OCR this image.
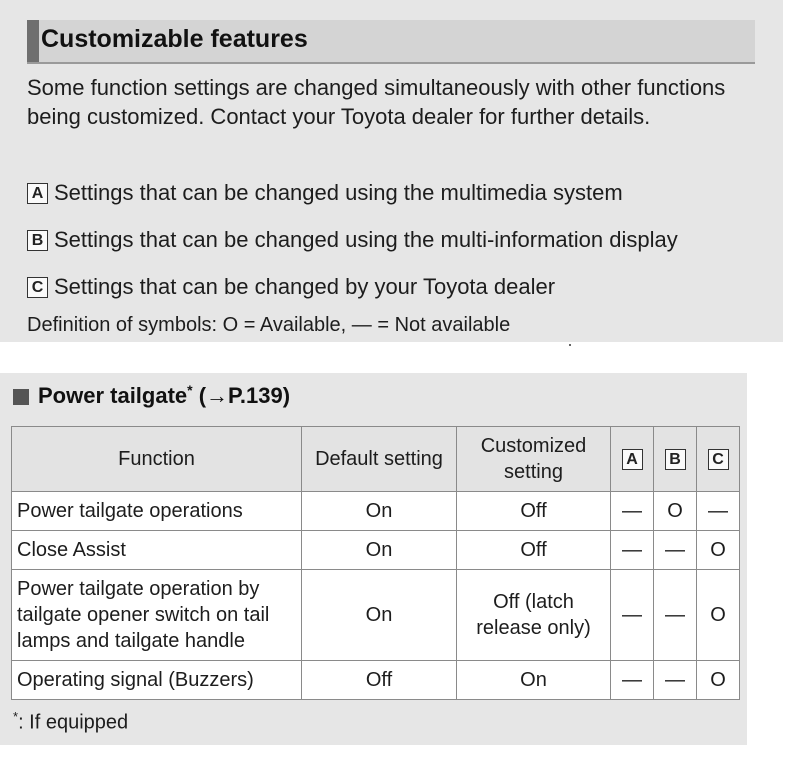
Customizable features
Some function settings are changed simultaneously with other functions being customized. Contact your Toyota dealer for further details.
A Settings that can be changed using the multimedia system
B Settings that can be changed using the multi-information display
C Settings that can be changed by your Toyota dealer
Definition of symbols: O = Available, — = Not available
Power tailgate*
(→P.139)
Function	Default setting	Customized setting	A	B	C

Power tailgate operations	On	Off	—	O	—
Close Assist	On	Off	—	—	O
Power tailgate operation by tailgate opener switch on tail lamps and tailgate handle	On	Off (latch release only)	—	—	O
Operating signal (Buzzers)	Off	On	—	—	O
*: If equipped
